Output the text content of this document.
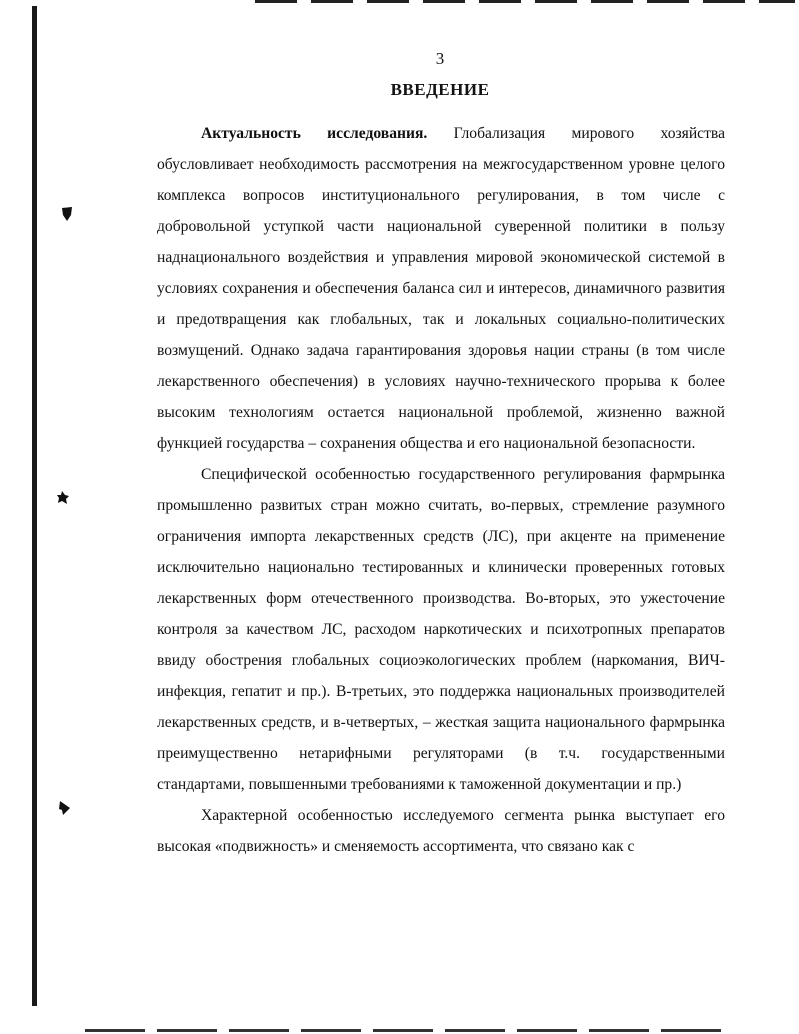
3
ВВЕДЕНИЕ

Актуальность исследования. Глобализация мирового хозяйства обусловливает необходимость рассмотрения на межгосударственном уровне целого комплекса вопросов институционального регулирования, в том числе с добровольной уступкой части национальной суверенной политики в пользу наднационального воздействия и управления мировой экономической системой в условиях сохранения и обеспечения баланса сил и интересов, динамичного развития и предотвращения как глобальных, так и локальных социально-политических возмущений. Однако задача гарантирования здоровья нации страны (в том числе лекарственного обеспечения) в условиях научно-технического прорыва к более высоким технологиям остается национальной проблемой, жизненно важной функцией государства – сохранения общества и его национальной безопасности.

Специфической особенностью государственного регулирования фармрынка промышленно развитых стран можно считать, во-первых, стремление разумного ограничения импорта лекарственных средств (ЛС), при акценте на применение исключительно национально тестированных и клинически проверенных готовых лекарственных форм отечественного производства. Во-вторых, это ужесточение контроля за качеством ЛС, расходом наркотических и психотропных препаратов ввиду обострения глобальных социоэкологических проблем (наркомания, ВИЧ-инфекция, гепатит и пр.). В-третьих, это поддержка национальных производителей лекарственных средств, и в-четвертых, – жесткая защита национального фармрынка преимущественно нетарифными регуляторами (в т.ч. государственными стандартами, повышенными требованиями к таможенной документации и пр.)

Характерной особенностью исследуемого сегмента рынка выступает его высокая «подвижность» и сменяемость ассортимента, что связано как с
